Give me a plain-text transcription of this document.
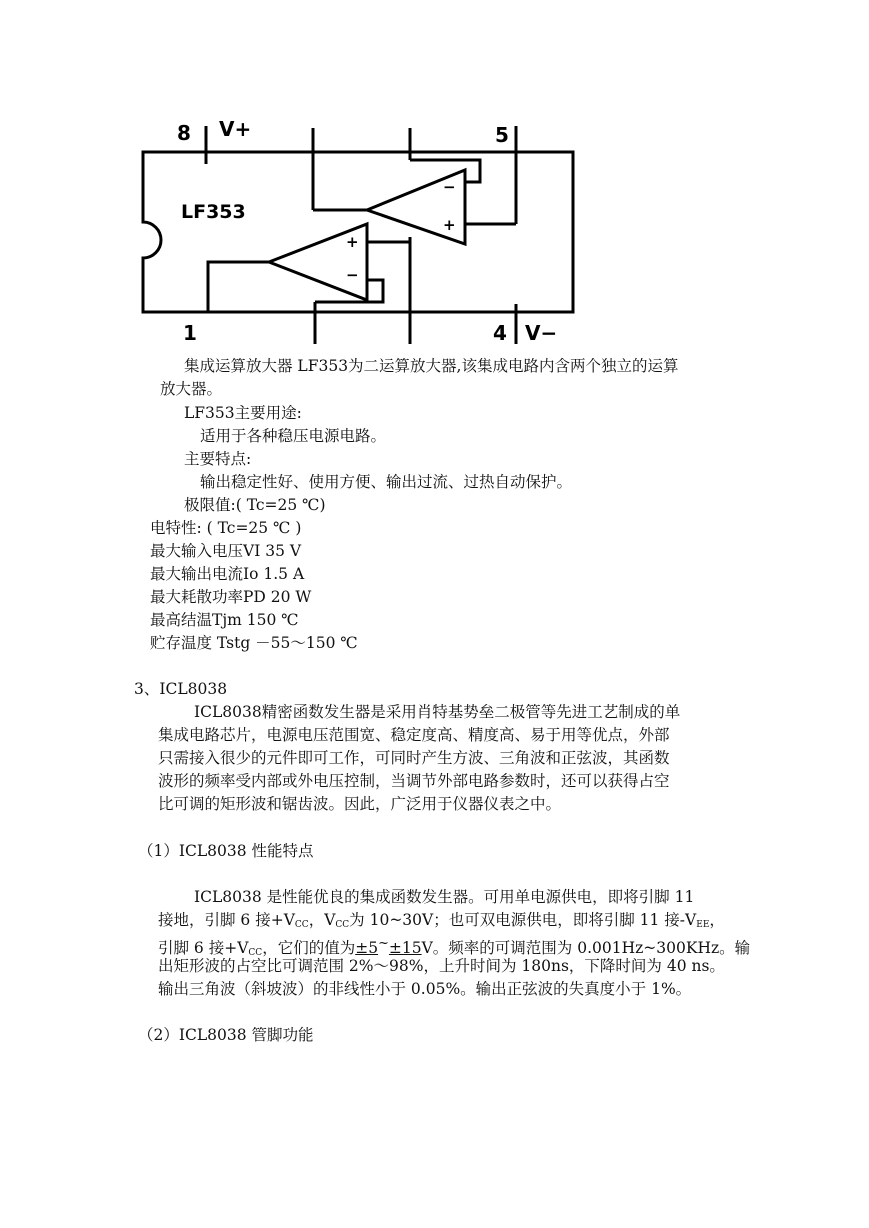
8 V+	5
1	4 V−
LF353
−
+
+
−
集成运算放大器 LF353为二运算放大器,该集成电路内含两个独立的运算
放大器。
LF353主要用途:
适用于各种稳压电源电路。
主要特点:
输出稳定性好、使用方便、输出过流、过热自动保护。
极限值:( Tc=25 ℃)
电特性: ( Tc=25 ℃ )
最大输入电压VI 35 V
最大输出电流Io 1.5 A
最大耗散功率PD 20 W
最高结温Tjm 150 ℃
贮存温度 Tstg －55～150 ℃
3、ICL8038
ICL8038精密函数发生器是采用肖特基势垒二极管等先进工艺制成的单
集成电路芯片，电源电压范围宽、稳定度高、精度高、易于用等优点，外部
只需接入很少的元件即可工作，可同时产生方波、三角波和正弦波，其函数
波形的频率受内部或外电压控制，当调节外部电路参数时，还可以获得占空
比可调的矩形波和锯齿波。因此，广泛用于仪器仪表之中。
（1）ICL8038 性能特点
ICL8038 是性能优良的集成函数发生器。可用单电源供电，即将引脚 11
接地，引脚 6 接$+V_{CC}$，$V_{CC}$为 10~30V；也可双电源供电，即将引脚 11 接$-V_{EE}$，
引脚 6 接$+V_{CC}$，它们的值为±5~±15V。频率的可调范围为 0.001Hz~300KHz。输
出矩形波的占空比可调范围 2%～98%，上升时间为 180ns，下降时间为 40 ns。
输出三角波（斜坡波）的非线性小于 0.05%。输出正弦波的失真度小于 1%。
（2）ICL8038 管脚功能
